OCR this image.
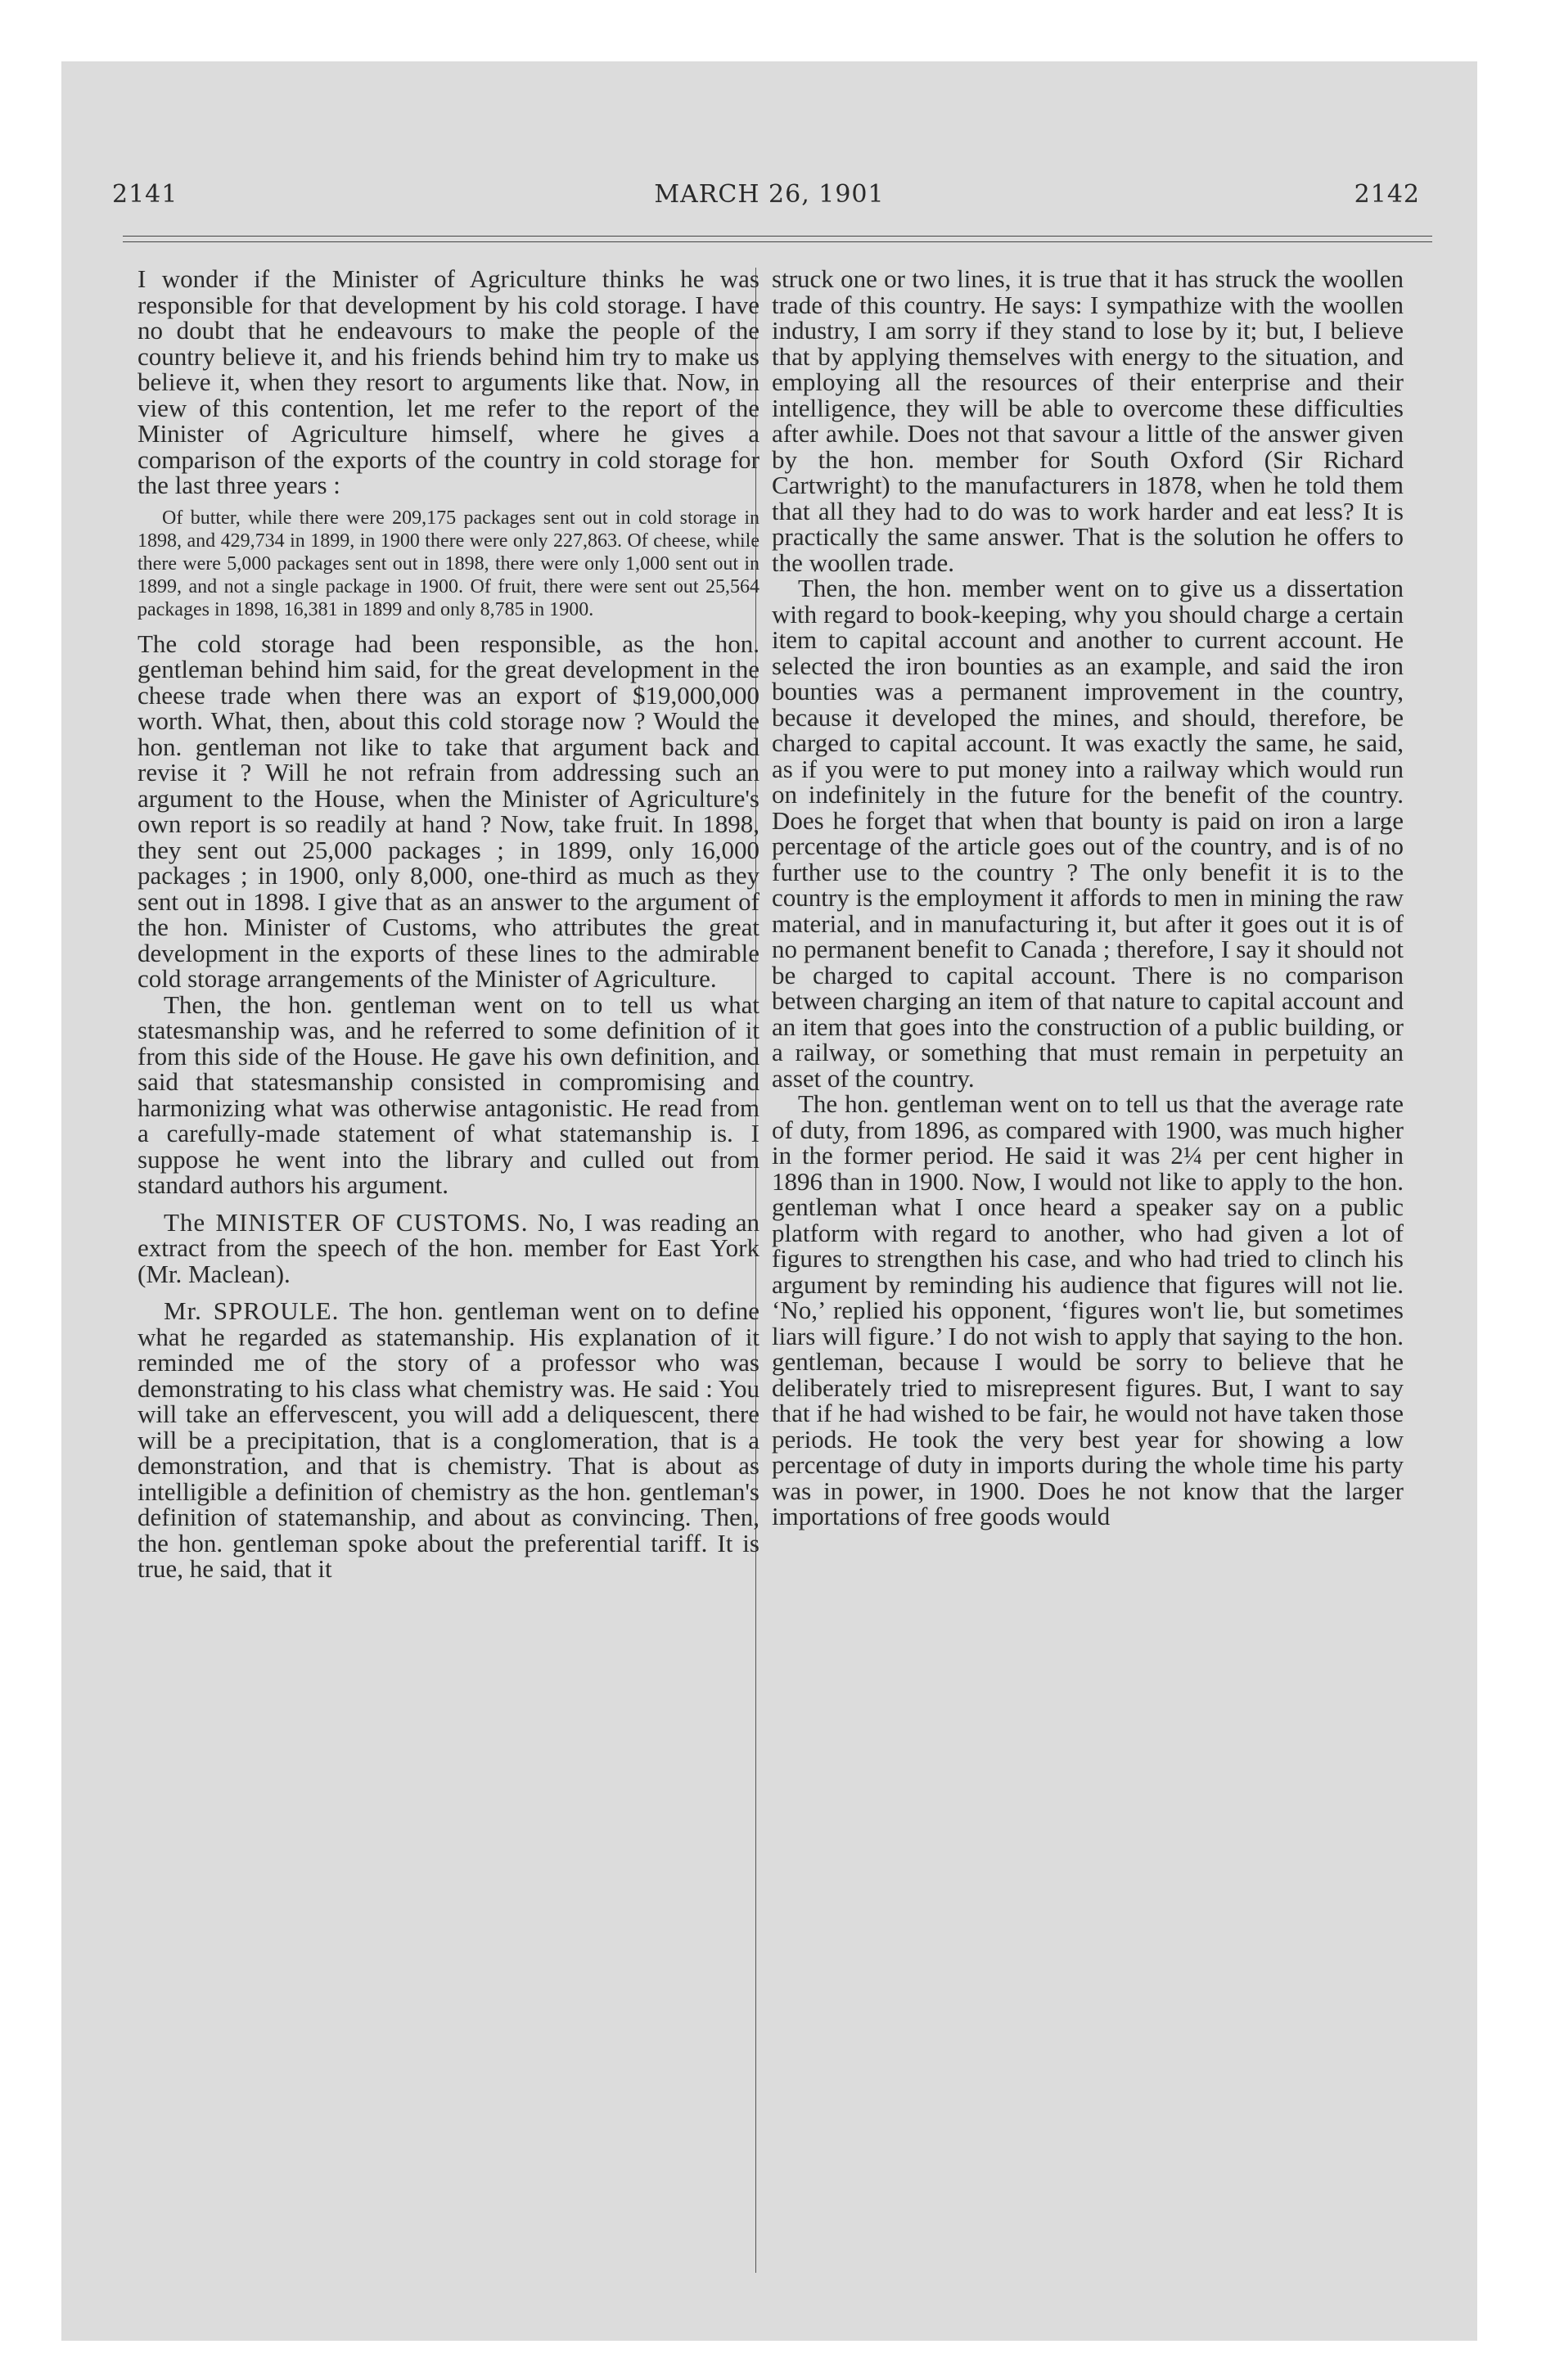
2141	MARCH 26, 1901	2142

I wonder if the Minister of Agriculture thinks he was responsible for that development by his cold storage. I have no doubt that he endeavours to make the people of the country believe it, and his friends behind him try to make us believe it, when they resort to arguments like that. Now, in view of this contention, let me refer to the report of the Minister of Agriculture himself, where he gives a comparison of the exports of the country in cold storage for the last three years :

Of butter, while there were 209,175 packages sent out in cold storage in 1898, and 429,734 in 1899, in 1900 there were only 227,863. Of cheese, while there were 5,000 packages sent out in 1898, there were only 1,000 sent out in 1899, and not a single package in 1900. Of fruit, there were sent out 25,564 packages in 1898, 16,381 in 1899 and only 8,785 in 1900.

The cold storage had been responsible, as the hon. gentleman behind him said, for the great development in the cheese trade when there was an export of $19,000,000 worth. What, then, about this cold storage now ? Would the hon. gentleman not like to take that argument back and revise it ? Will he not refrain from addressing such an argument to the House, when the Minister of Agriculture's own report is so readily at hand ? Now, take fruit. In 1898, they sent out 25,000 packages ; in 1899, only 16,000 packages ; in 1900, only 8,000, one-third as much as they sent out in 1898. I give that as an answer to the argument of the hon. Minister of Customs, who attributes the great development in the exports of these lines to the admirable cold storage arrangements of the Minister of Agriculture.

Then, the hon. gentleman went on to tell us what statesmanship was, and he referred to some definition of it from this side of the House. He gave his own definition, and said that statesmanship consisted in compromising and harmonizing what was otherwise antagonistic. He read from a carefully-made statement of what statemanship is. I suppose he went into the library and culled out from standard authors his argument.

The MINISTER OF CUSTOMS. No, I was reading an extract from the speech of the hon. member for East York (Mr. Maclean).

Mr. SPROULE. The hon. gentleman went on to define what he regarded as statemanship. His explanation of it reminded me of the story of a professor who was demonstrating to his class what chemistry was. He said : You will take an effervescent, you will add a deliquescent, there will be a precipitation, that is a conglomeration, that is a demonstration, and that is chemistry. That is about as intelligible a definition of chemistry as the hon. gentleman's definition of statemanship, and about as convincing. Then, the hon. gentleman spoke about the preferential tariff. It is true, he said, that it

struck one or two lines, it is true that it has struck the woollen trade of this country. He says: I sympathize with the woollen industry, I am sorry if they stand to lose by it; but, I believe that by applying themselves with energy to the situation, and employing all the resources of their enterprise and their intelligence, they will be able to overcome these difficulties after awhile. Does not that savour a little of the answer given by the hon. member for South Oxford (Sir Richard Cartwright) to the manufacturers in 1878, when he told them that all they had to do was to work harder and eat less? It is practically the same answer. That is the solution he offers to the woollen trade.

Then, the hon. member went on to give us a dissertation with regard to book-keeping, why you should charge a certain item to capital account and another to current account. He selected the iron bounties as an example, and said the iron bounties was a permanent improvement in the country, because it developed the mines, and should, therefore, be charged to capital account. It was exactly the same, he said, as if you were to put money into a railway which would run on indefinitely in the future for the benefit of the country. Does he forget that when that bounty is paid on iron a large percentage of the article goes out of the country, and is of no further use to the country ? The only benefit it is to the country is the employment it affords to men in mining the raw material, and in manufacturing it, but after it goes out it is of no permanent benefit to Canada ; therefore, I say it should not be charged to capital account. There is no comparison between charging an item of that nature to capital account and an item that goes into the construction of a public building, or a railway, or something that must remain in perpetuity an asset of the country.

The hon. gentleman went on to tell us that the average rate of duty, from 1896, as compared with 1900, was much higher in the former period. He said it was 2¼ per cent higher in 1896 than in 1900. Now, I would not like to apply to the hon. gentleman what I once heard a speaker say on a public platform with regard to another, who had given a lot of figures to strengthen his case, and who had tried to clinch his argument by reminding his audience that figures will not lie. ‘No,’ replied his opponent, ‘figures won't lie, but sometimes liars will figure.’ I do not wish to apply that saying to the hon. gentleman, because I would be sorry to believe that he deliberately tried to misrepresent figures. But, I want to say that if he had wished to be fair, he would not have taken those periods. He took the very best year for showing a low percentage of duty in imports during the whole time his party was in power, in 1900. Does he not know that the larger importations of free goods would
